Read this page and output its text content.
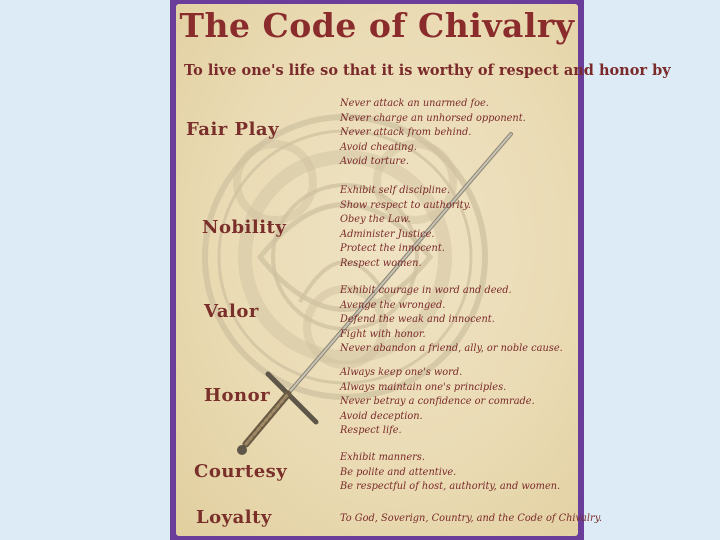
The Code of Chivalry
To live one's life so that it is worthy of respect and honor by
Fair Play
Never attack an unarmed foe.
Never charge an unhorsed opponent.
Never attack from behind.
Avoid cheating.
Avoid torture.
Nobility
Exhibit self discipline.
Show respect to authority.
Obey the Law.
Administer Justice.
Protect the innocent.
Respect women.
Valor
Exhibit courage in word and deed.
Avenge the wronged.
Defend the weak and innocent.
Fight with honor.
Never abandon a friend, ally, or noble cause.
Honor
Always keep one's word.
Always maintain one's principles.
Never betray a confidence or comrade.
Avoid deception.
Respect life.
Courtesy
Exhibit manners.
Be polite and attentive.
Be respectful of host, authority, and women.
Loyalty	To God, Soverign, Country, and the Code of Chivalry.
